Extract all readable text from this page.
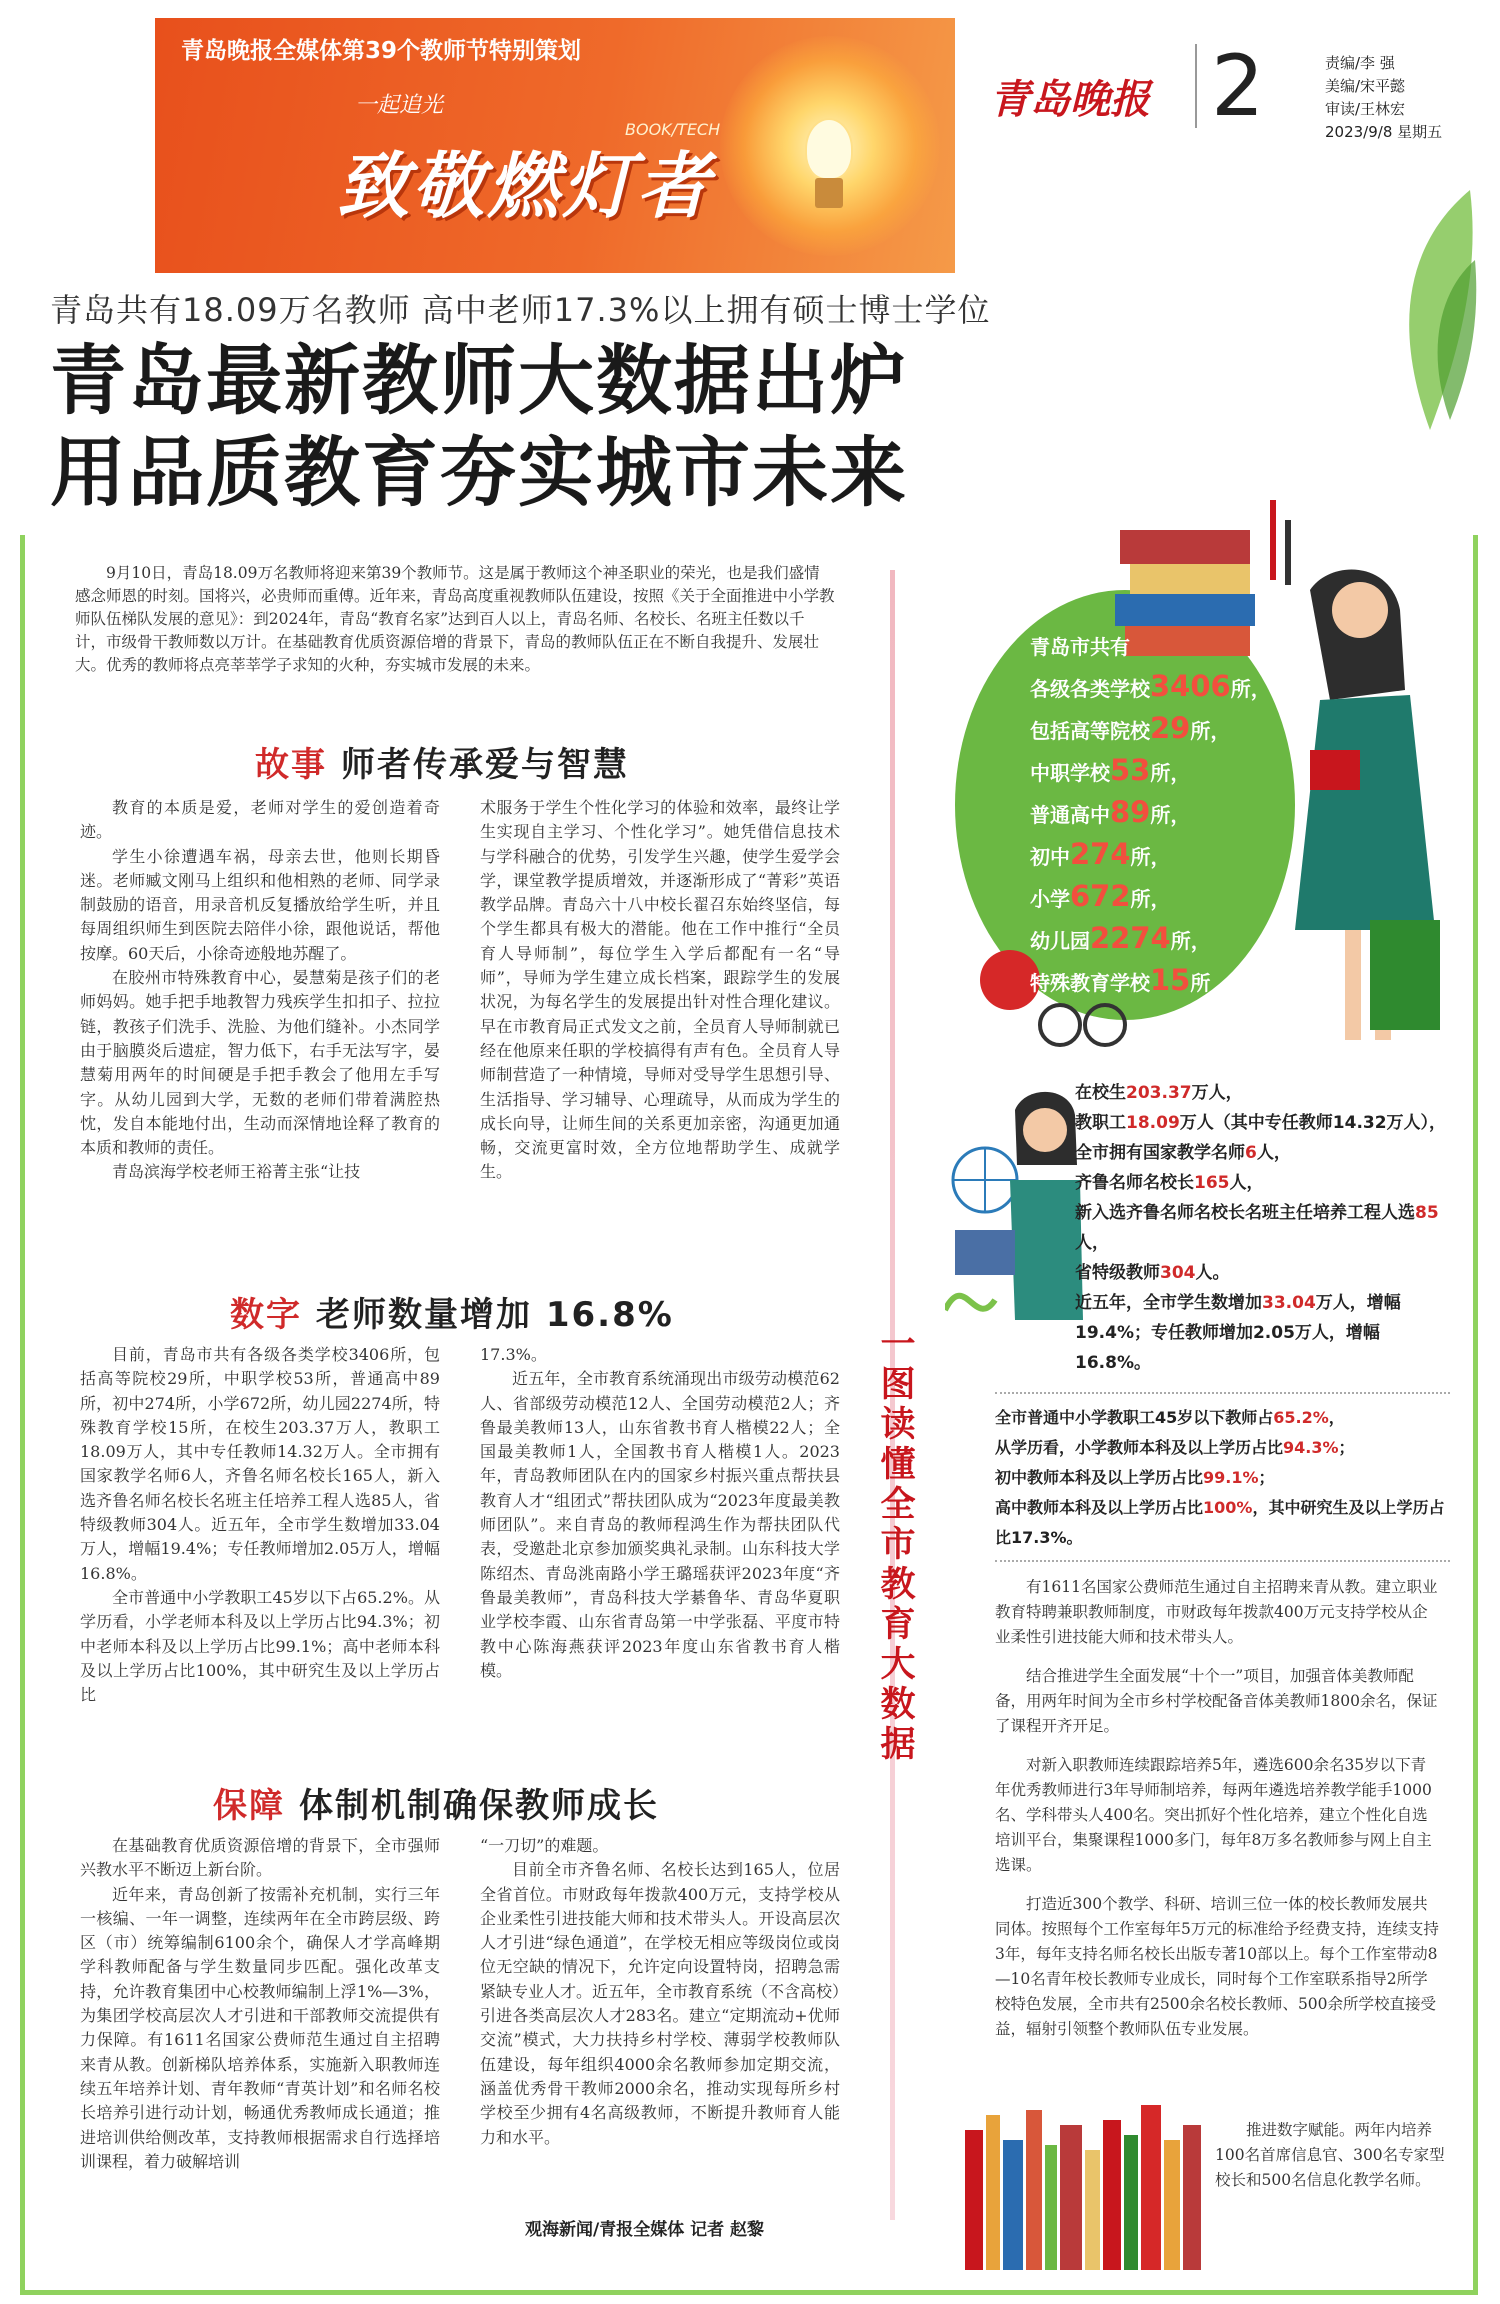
青岛晚报全媒体第39个教师节特别策划
一起追光
BOOK/TECH
致敬燃灯者
青岛晚报 2	责编/李 强
美编/宋平懿
审读/王林宏
2023/9/8 星期五
青岛共有18.09万名教师 高中老师17.3%以上拥有硕士博士学位
青岛最新教师大数据出炉
用品质教育夯实城市未来
9月10日，青岛18.09万名教师将迎来第39个教师节。这是属于教师这个神圣职业的荣光，也是我们盛情感念师恩的时刻。国将兴，必贵师而重傅。近年来，青岛高度重视教师队伍建设，按照《关于全面推进中小学教师队伍梯队发展的意见》：到2024年，青岛“教育名家”达到百人以上，青岛名师、名校长、名班主任数以千计，市级骨干教师数以万计。在基础教育优质资源倍增的背景下，青岛的教师队伍正在不断自我提升、发展壮大。优秀的教师将点亮莘莘学子求知的火种，夯实城市发展的未来。
故事 师者传承爱与智慧

教育的本质是爱，老师对学生的爱创造着奇迹。

学生小徐遭遇车祸，母亲去世，他则长期昏迷。老师臧文刚马上组织和他相熟的老师、同学录制鼓励的语音，用录音机反复播放给学生听，并且每周组织师生到医院去陪伴小徐，跟他说话，帮他按摩。60天后，小徐奇迹般地苏醒了。

在胶州市特殊教育中心，晏慧菊是孩子们的老师妈妈。她手把手地教智力残疾学生扣扣子、拉拉链，教孩子们洗手、洗脸、为他们缝补。小杰同学由于脑膜炎后遗症，智力低下，右手无法写字，晏慧菊用两年的时间硬是手把手教会了他用左手写字。从幼儿园到大学，无数的老师们带着满腔热忱，发自本能地付出，生动而深情地诠释了教育的本质和教师的责任。

青岛滨海学校老师王裕菁主张“让技

术服务于学生个性化学习的体验和效率，最终让学生实现自主学习、个性化学习”。她凭借信息技术与学科融合的优势，引发学生兴趣，使学生爱学会学，课堂教学提质增效，并逐渐形成了“菁彩”英语教学品牌。青岛六十八中校长翟召东始终坚信，每个学生都具有极大的潜能。他在工作中推行“全员育人导师制”，每位学生入学后都配有一名“导师”，导师为学生建立成长档案，跟踪学生的发展状况，为每名学生的发展提出针对性合理化建议。早在市教育局正式发文之前，全员育人导师制就已经在他原来任职的学校搞得有声有色。全员育人导师制营造了一种情境，导师对受导学生思想引导、生活指导、学习辅导、心理疏导，从而成为学生的成长向导，让师生间的关系更加亲密，沟通更加通畅，交流更富时效，全方位地帮助学生、成就学生。

数字 老师数量增加 16.8%

目前，青岛市共有各级各类学校3406所，包括高等院校29所，中职学校53所，普通高中89所，初中274所，小学672所，幼儿园2274所，特殊教育学校15所，在校生203.37万人，教职工18.09万人，其中专任教师14.32万人。全市拥有国家教学名师6人，齐鲁名师名校长165人，新入选齐鲁名师名校长名班主任培养工程人选85人，省特级教师304人。近五年，全市学生数增加33.04万人，增幅19.4%；专任教师增加2.05万人，增幅16.8%。

全市普通中小学教职工45岁以下占65.2%。从学历看，小学老师本科及以上学历占比94.3%；初中老师本科及以上学历占比99.1%；高中老师本科及以上学历占比100%，其中研究生及以上学历占比

17.3%。

近五年，全市教育系统涌现出市级劳动模范62人、省部级劳动模范12人、全国劳动模范2人；齐鲁最美教师13人，山东省教书育人楷模22人；全国最美教师1人，全国教书育人楷模1人。2023年，青岛教师团队在内的国家乡村振兴重点帮扶县教育人才“组团式”帮扶团队成为“2023年度最美教师团队”。来自青岛的教师程鸿生作为帮扶团队代表，受邀赴北京参加颁奖典礼录制。山东科技大学陈绍杰、青岛洮南路小学王璐瑶获评2023年度“齐鲁最美教师”，青岛科技大学綦鲁华、青岛华夏职业学校李霞、山东省青岛第一中学张磊、平度市特教中心陈海燕获评2023年度山东省教书育人楷模。

保障 体制机制确保教师成长

在基础教育优质资源倍增的背景下，全市强师兴教水平不断迈上新台阶。

近年来，青岛创新了按需补充机制，实行三年一核编、一年一调整，连续两年在全市跨层级、跨区（市）统筹编制6100余个，确保人才学高峰期学科教师配备与学生数量同步匹配。强化改革支持，允许教育集团中心校教师编制上浮1%—3%，为集团学校高层次人才引进和干部教师交流提供有力保障。有1611名国家公费师范生通过自主招聘来青从教。创新梯队培养体系，实施新入职教师连续五年培养计划、青年教师“青英计划”和名师名校长培养引进行动计划，畅通优秀教师成长通道；推进培训供给侧改革，支持教师根据需求自行选择培训课程，着力破解培训

“一刀切”的难题。

目前全市齐鲁名师、名校长达到165人，位居全省首位。市财政每年拨款400万元，支持学校从企业柔性引进技能大师和技术带头人。开设高层次人才引进“绿色通道”，在学校无相应等级岗位或岗位无空缺的情况下，允许定向设置特岗，招聘急需紧缺专业人才。近五年，全市教育系统（不含高校）引进各类高层次人才283名。建立“定期流动+优师交流”模式，大力扶持乡村学校、薄弱学校教师队伍建设，每年组织4000余名教师参加定期交流，涵盖优秀骨干教师2000余名，推动实现每所乡村学校至少拥有4名高级教师，不断提升教师育人能力和水平。

观海新闻/青报全媒体 记者 赵黎
一图读懂全市教育大数据
青岛市共有
各级各类学校3406所，
包括高等院校29所，
中职学校53所，
普通高中89所，
初中274所，
小学672所，
幼儿园2274所，
特殊教育学校15所
在校生203.37万人，
教职工18.09万人（其中专任教师14.32万人），
全市拥有国家教学名师6人，
齐鲁名师名校长165人，
新入选齐鲁名师名校长名班主任培养工程人选85人，
省特级教师304人。
近五年，全市学生数增加33.04万人，增幅19.4%；专任教师增加2.05万人，增幅16.8%。
全市普通中小学教职工45岁以下教师占65.2%，
从学历看，小学教师本科及以上学历占比94.3%；
初中教师本科及以上学历占比99.1%；
高中教师本科及以上学历占比100%，其中研究生及以上学历占比17.3%。

有1611名国家公费师范生通过自主招聘来青从教。建立职业教育特聘兼职教师制度，市财政每年拨款400万元支持学校从企业柔性引进技能大师和技术带头人。

结合推进学生全面发展“十个一”项目，加强音体美教师配备，用两年时间为全市乡村学校配备音体美教师1800余名，保证了课程开齐开足。

对新入职教师连续跟踪培养5年，遴选600余名35岁以下青年优秀教师进行3年导师制培养，每两年遴选培养教学能手1000名、学科带头人400名。突出抓好个性化培养，建立个性化自选培训平台，集聚课程1000多门，每年8万多名教师参与网上自主选课。

打造近300个教学、科研、培训三位一体的校长教师发展共同体。按照每个工作室每年5万元的标准给予经费支持，连续支持3年，每年支持名师名校长出版专著10部以上。每个工作室带动8—10名青年校长教师专业成长，同时每个工作室联系指导2所学校特色发展，全市共有2500余名校长教师、500余所学校直接受益，辐射引领整个教师队伍专业发展。

推进数字赋能。两年内培养100名首席信息官、300名专家型校长和500名信息化教学名师。
